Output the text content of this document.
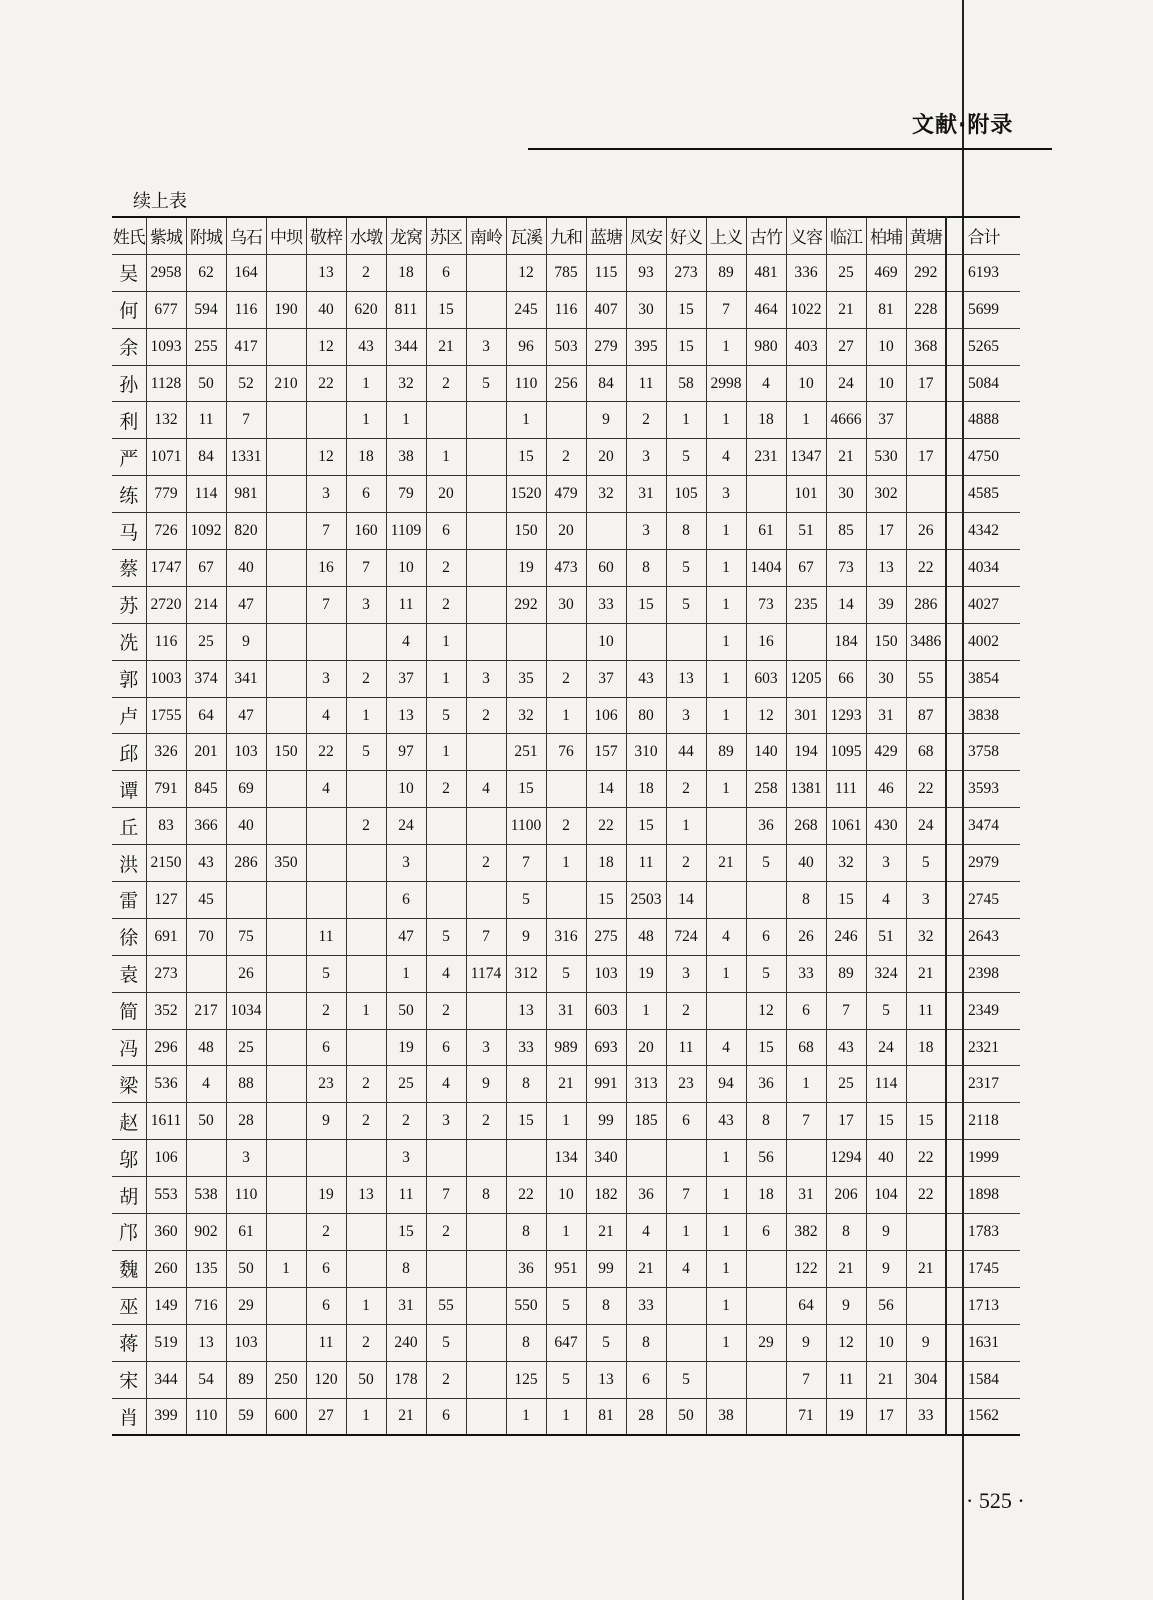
文献·附录
续上表
姓氏	紫城	附城	乌石	中坝	敬梓	水墩	龙窝	苏区	南岭	瓦溪	九和	蓝塘	凤安	好义	上义	古竹	义容	临江	柏埔	黄塘	合计
吴	2958	62	164		13	2	18	6		12	785	115	93	273	89	481	336	25	469	292	6193
何	677	594	116	190	40	620	811	15		245	116	407	30	15	7	464	1022	21	81	228	5699
余	1093	255	417		12	43	344	21	3	96	503	279	395	15	1	980	403	27	10	368	5265
孙	1128	50	52	210	22	1	32	2	5	110	256	84	11	58	2998	4	10	24	10	17	5084
利	132	11	7			1	1			1		9	2	1	1	18	1	4666	37		4888
严	1071	84	1331		12	18	38	1		15	2	20	3	5	4	231	1347	21	530	17	4750
练	779	114	981		3	6	79	20		1520	479	32	31	105	3		101	30	302		4585
马	726	1092	820		7	160	1109	6		150	20		3	8	1	61	51	85	17	26	4342
蔡	1747	67	40		16	7	10	2		19	473	60	8	5	1	1404	67	73	13	22	4034
苏	2720	214	47		7	3	11	2		292	30	33	15	5	1	73	235	14	39	286	4027
冼	116	25	9				4	1				10			1	16		184	150	3486	4002
郭	1003	374	341		3	2	37	1	3	35	2	37	43	13	1	603	1205	66	30	55	3854
卢	1755	64	47		4	1	13	5	2	32	1	106	80	3	1	12	301	1293	31	87	3838
邱	326	201	103	150	22	5	97	1		251	76	157	310	44	89	140	194	1095	429	68	3758
谭	791	845	69		4		10	2	4	15		14	18	2	1	258	1381	111	46	22	3593
丘	83	366	40			2	24			1100	2	22	15	1		36	268	1061	430	24	3474
洪	2150	43	286	350			3		2	7	1	18	11	2	21	5	40	32	3	5	2979
雷	127	45					6			5		15	2503	14			8	15	4	3	2745
徐	691	70	75		11		47	5	7	9	316	275	48	724	4	6	26	246	51	32	2643
袁	273		26		5		1	4	1174	312	5	103	19	3	1	5	33	89	324	21	2398
简	352	217	1034		2	1	50	2		13	31	603	1	2		12	6	7	5	11	2349
冯	296	48	25		6		19	6	3	33	989	693	20	11	4	15	68	43	24	18	2321
梁	536	4	88		23	2	25	4	9	8	21	991	313	23	94	36	1	25	114		2317
赵	1611	50	28		9	2	2	3	2	15	1	99	185	6	43	8	7	17	15	15	2118
邬	106		3				3				134	340			1	56		1294	40	22	1999
胡	553	538	110		19	13	11	7	8	22	10	182	36	7	1	18	31	206	104	22	1898
邝	360	902	61		2		15	2		8	1	21	4	1	1	6	382	8	9		1783
魏	260	135	50	1	6		8			36	951	99	21	4	1		122	21	9	21	1745
巫	149	716	29		6	1	31	55		550	5	8	33		1		64	9	56		1713
蒋	519	13	103		11	2	240	5		8	647	5	8		1	29	9	12	10	9	1631
宋	344	54	89	250	120	50	178	2		125	5	13	6	5			7	11	21	304	1584
肖	399	110	59	600	27	1	21	6		1	1	81	28	50	38		71	19	17	33	1562
· 525 ·
